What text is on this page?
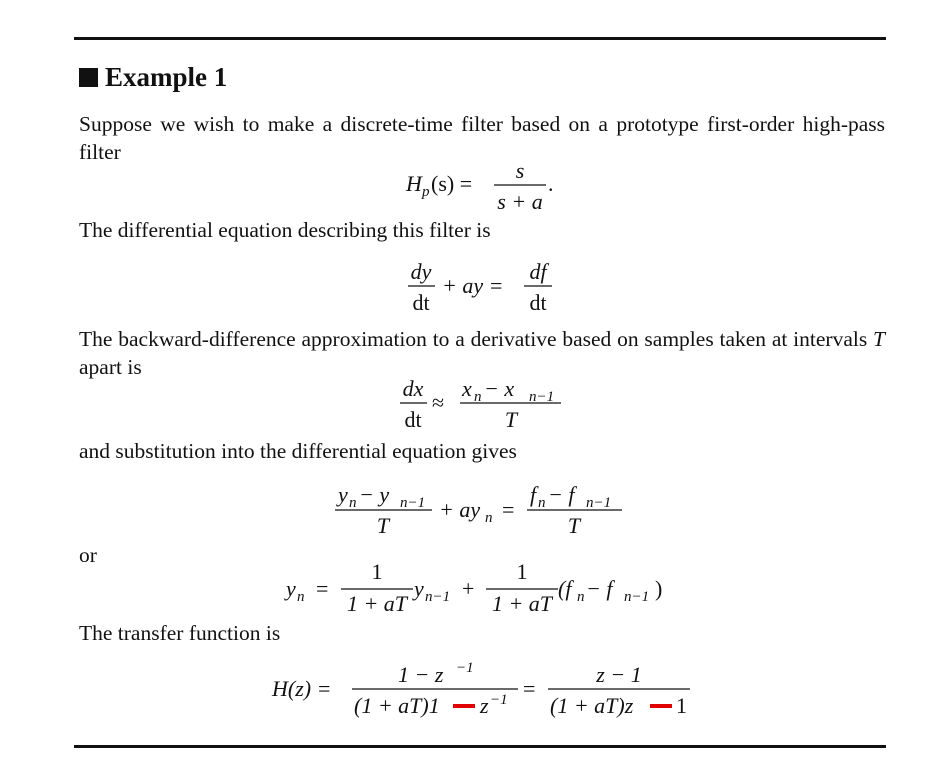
Example 1
Suppose we wish to make a discrete-time filter based on a prototype first-order high-pass filter
H p (s) =
s
s + a
.
The differential equation describing this filter is
dy
dt
+ ay =
df
dt
The backward-difference approximation to a derivative based on samples taken at intervals T apart is
dx
dt
≈
x n − x n−1
T
and substitution into the differential equation gives
y n − y n−1
T
+ ay n =
f n − f n−1
T
or
y n =
1
1 + aT
y n−1 +
1
1 + aT
(f n − f n−1 )
The transfer function is
H(z) =
1 − z −1
(1 + aT)1 z −1 =
z − 1
(1 + aT)z 1
